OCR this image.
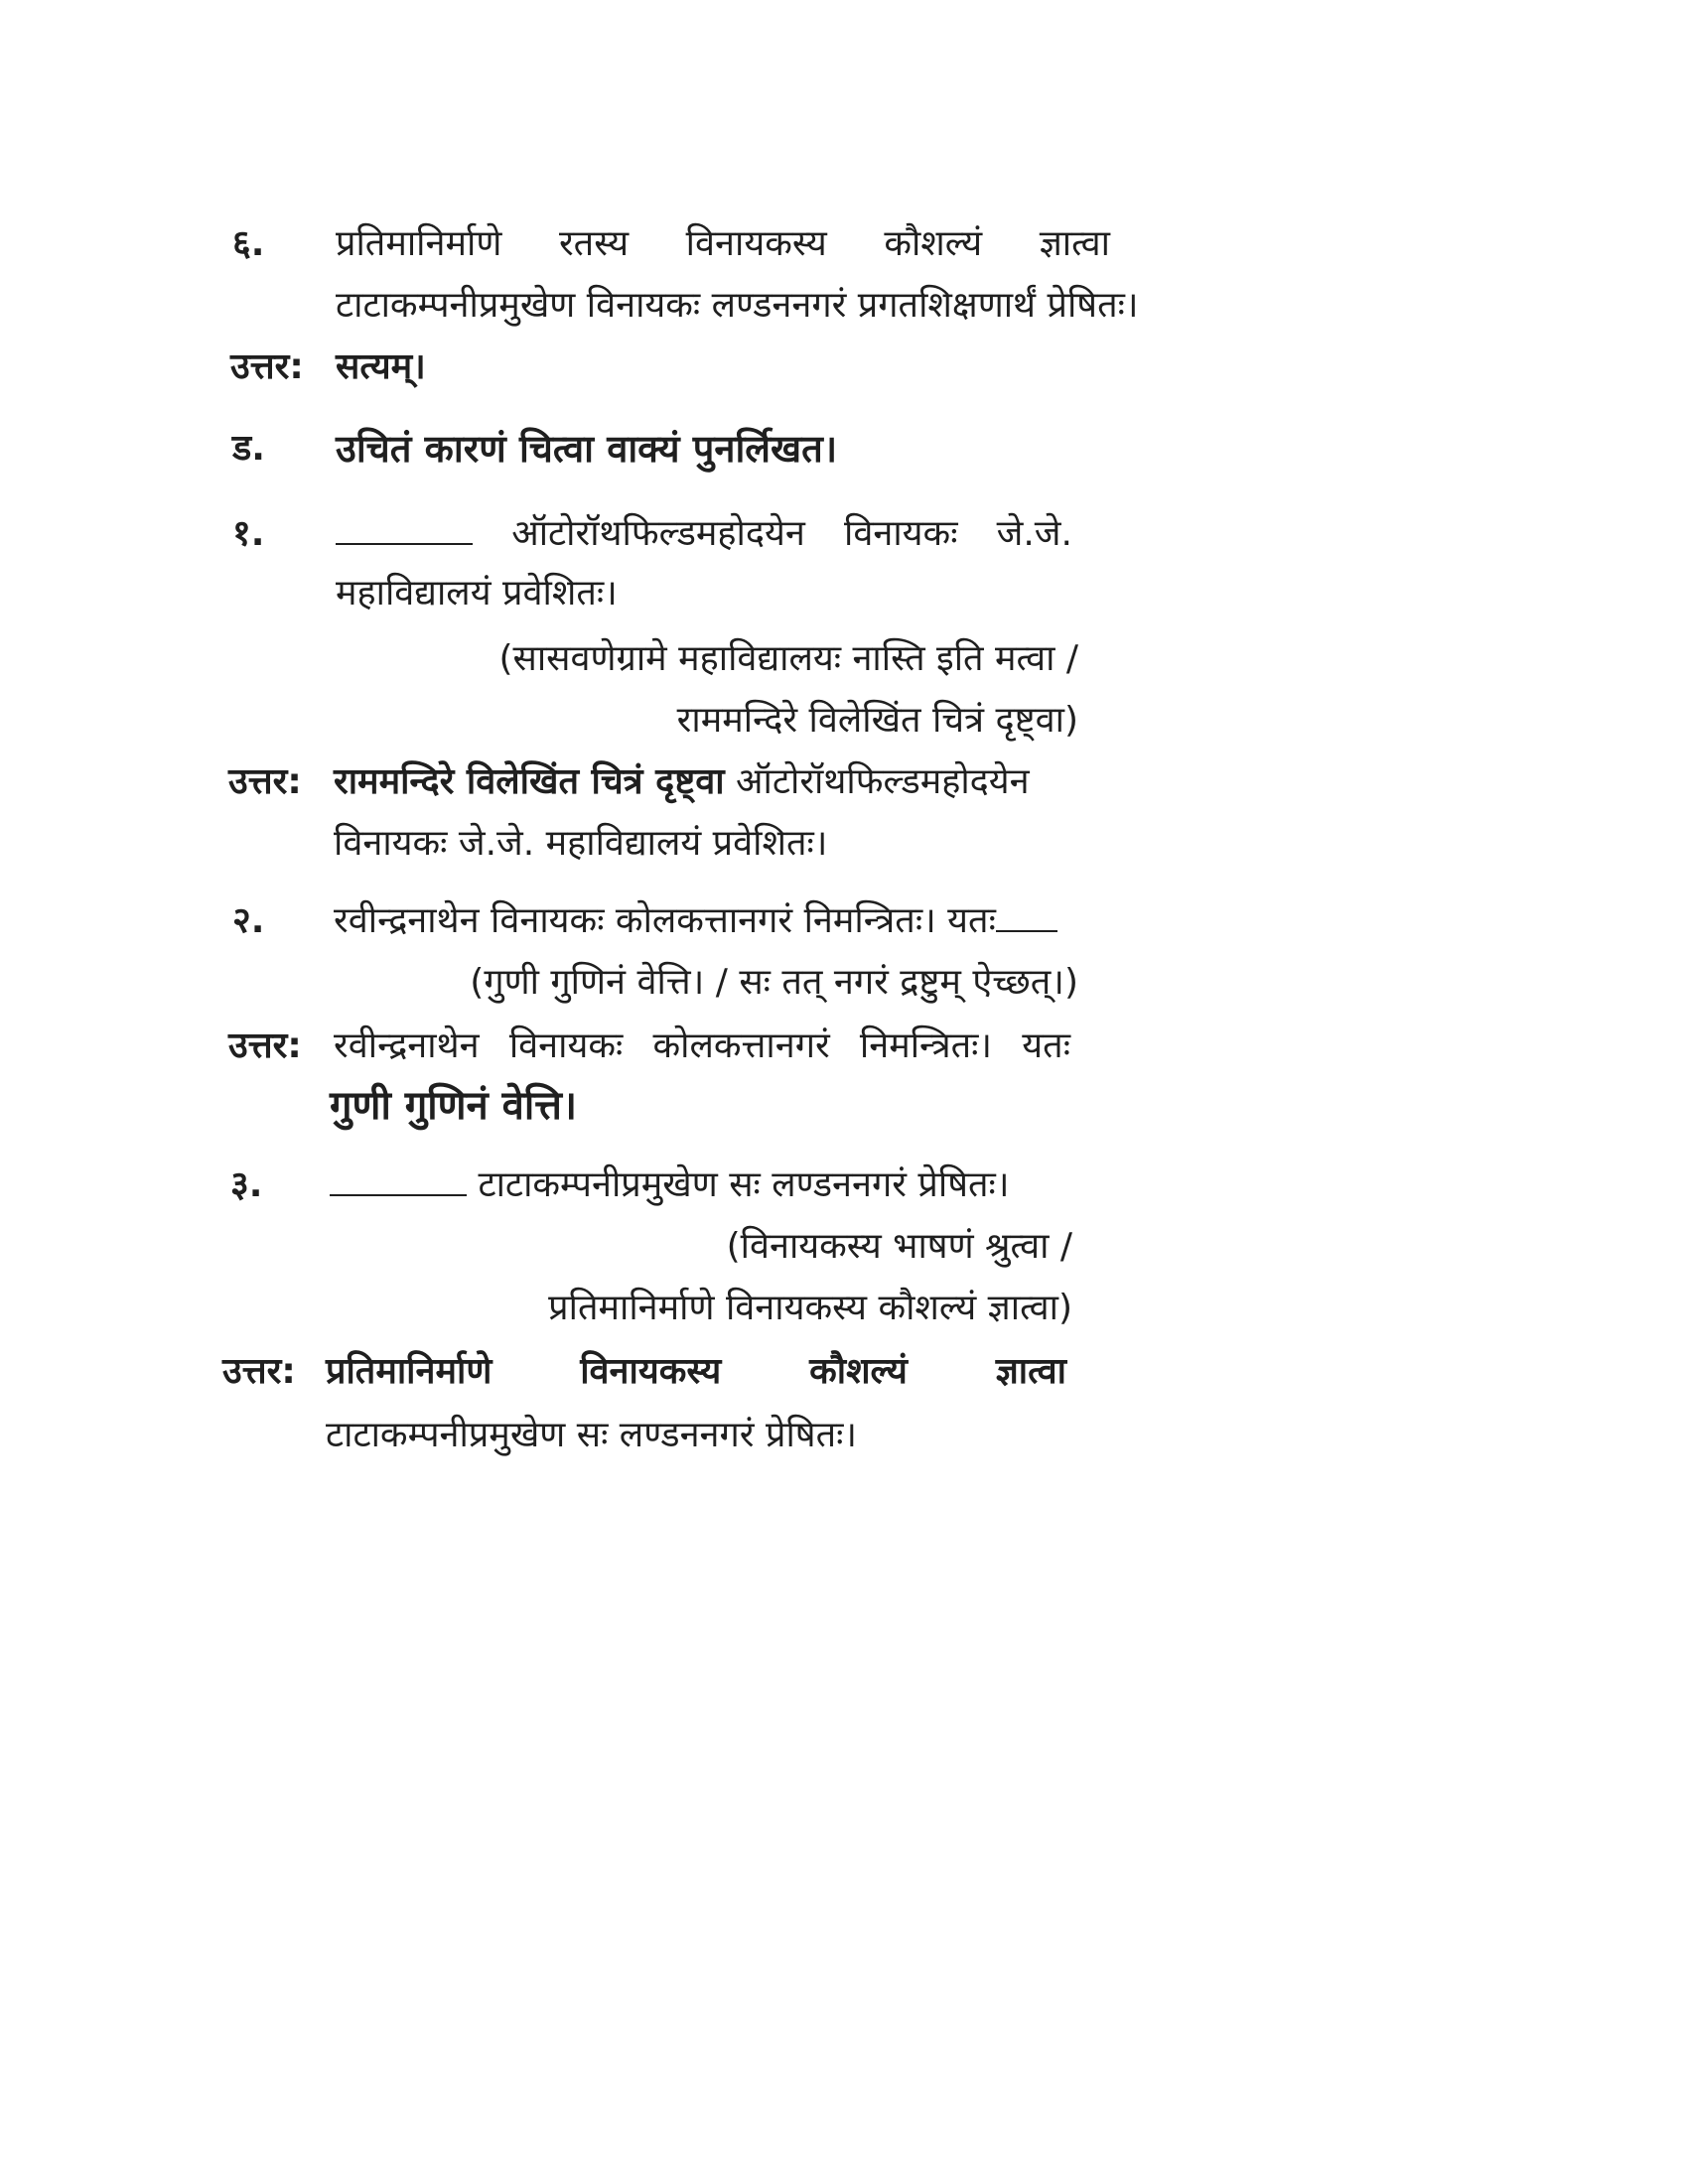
६. प्रतिमानिर्माणे रतस्य विनायकस्य कौशल्यं ज्ञात्वा
टाटाकम्पनीप्रमुखेण विनायकः लण्डननगरं प्रगतशिक्षणार्थं प्रेषितः।
उत्तर: सत्यम्।
ड. उचितं कारणं चित्वा वाक्यं पुनर्लिखत।
१.	ऑटोरॉथफिल्डमहोदयेन विनायकः जे.जे.
महाविद्यालयं प्रवेशितः।
(सासवणेग्रामे महाविद्यालयः नास्ति इति मत्वा /
राममन्दिरे विलेखिंत चित्रं दृष्ट्वा)
उत्तर: राममन्दिरे विलेखिंत चित्रं दृष्ट्वा ऑटोरॉथफिल्डमहोदयेन
विनायकः जे.जे. महाविद्यालयं प्रवेशितः।
२. रवीन्द्रनाथेन विनायकः कोलकत्तानगरं निमन्त्रितः। यतः
(गुणी गुणिनं वेत्ति। / सः तत् नगरं द्रष्टुम् ऐच्छत्।)
उत्तर: रवीन्द्रनाथेन विनायकः कोलकत्तानगरं निमन्त्रितः। यतः
गुणी गुणिनं वेत्ति।
३.	टाटाकम्पनीप्रमुखेण सः लण्डननगरं प्रेषितः।
(विनायकस्य भाषणं श्रुत्वा /
प्रतिमानिर्माणे विनायकस्य कौशल्यं ज्ञात्वा)
उत्तर: प्रतिमानिर्माणे विनायकस्य कौशल्यं ज्ञात्वा
टाटाकम्पनीप्रमुखेण सः लण्डननगरं प्रेषितः।
